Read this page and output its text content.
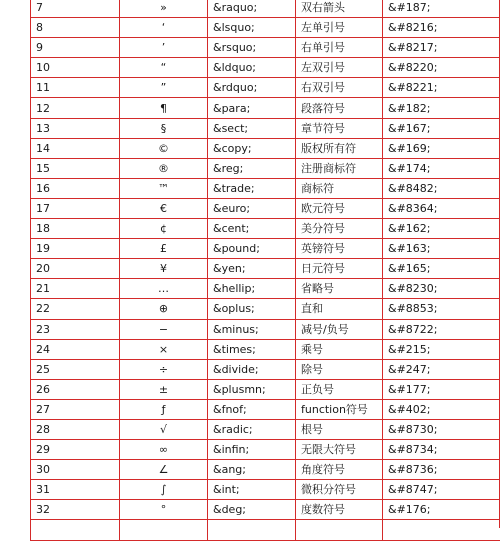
7	»	&raquo;	双右箭头	&#187;
8	‘	&lsquo;	左单引号	&#8216;
9	’	&rsquo;	右单引号	&#8217;
10	“	&ldquo;	左双引号	&#8220;
11	”	&rdquo;	右双引号	&#8221;
12	¶	&para;	段落符号	&#182;
13	§	&sect;	章节符号	&#167;
14	©	&copy;	版权所有符	&#169;
15	®	&reg;	注册商标符	&#174;
16	™	&trade;	商标符	&#8482;
17	€	&euro;	欧元符号	&#8364;
18	¢	&cent;	美分符号	&#162;
19	£	&pound;	英镑符号	&#163;
20	¥	&yen;	日元符号	&#165;
21	…	&hellip;	省略号	&#8230;
22	⊕	&oplus;	直和	&#8853;
23	−	&minus;	减号/负号	&#8722;
24	×	&times;	乘号	&#215;
25	÷	&divide;	除号	&#247;
26	±	&plusmn;	正负号	&#177;
27	ƒ	&fnof;	function符号	&#402;
28	√	&radic;	根号	&#8730;
29	∞	&infin;	无限大符号	&#8734;
30	∠	&ang;	角度符号	&#8736;
31	∫	&int;	微积分符号	&#8747;
32	°	&deg;	度数符号	&#176;
